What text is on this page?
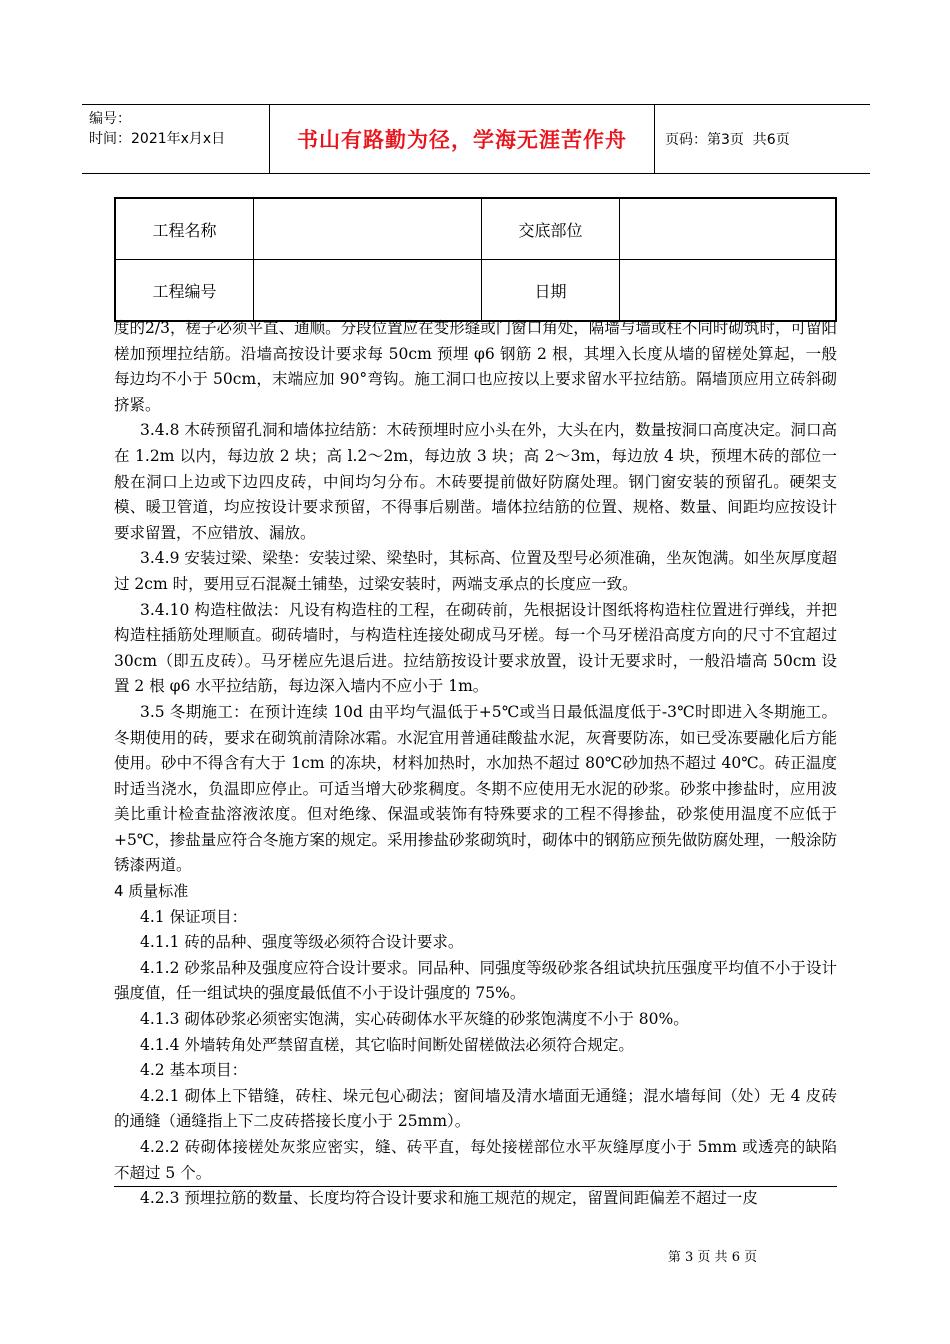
编号：
时间：2021年x月x日	书山有路勤为径，学海无涯苦作舟	页码：第3页  共6页
工程名称		交底部位	
工程编号		日期	

度的2/3，槎子必须平直、通顺。分段位置应在变形缝或门窗口角处，隔墙与墙或柱不同时砌筑时，可留阳槎加预埋拉结筋。沿墙高按设计要求每 50cm 预埋 φ6 钢筋 2 根，其埋入长度从墙的留槎处算起，一般每边均不小于 50cm，末端应加 90°弯钩。施工洞口也应按以上要求留水平拉结筋。隔墙顶应用立砖斜砌挤紧。

3.4.8 木砖预留孔洞和墙体拉结筋：木砖预埋时应小头在外，大头在内，数量按洞口高度决定。洞口高在 1.2m 以内，每边放 2 块；高 l.2～2m，每边放 3 块；高 2～3m，每边放 4 块，预埋木砖的部位一般在洞口上边或下边四皮砖，中间均匀分布。木砖要提前做好防腐处理。钢门窗安装的预留孔。硬架支模、暖卫管道，均应按设计要求预留，不得事后剔凿。墙体拉结筋的位置、规格、数量、间距均应按设计要求留置，不应错放、漏放。

3.4.9 安装过梁、梁垫：安装过梁、梁垫时，其标高、位置及型号必须准确，坐灰饱满。如坐灰厚度超过 2cm 时，要用豆石混凝土铺垫，过梁安装时，两端支承点的长度应一致。

3.4.10 构造柱做法：凡设有构造柱的工程，在砌砖前，先根据设计图纸将构造柱位置进行弹线，并把构造柱插筋处理顺直。砌砖墙时，与构造柱连接处砌成马牙槎。每一个马牙槎沿高度方向的尺寸不宜超过 30cm（即五皮砖）。马牙槎应先退后进。拉结筋按设计要求放置，设计无要求时，一般沿墙高 50cm 设置 2 根 φ6 水平拉结筋，每边深入墙内不应小于 1m。

3.5 冬期施工：在预计连续 10d 由平均气温低于+5℃或当日最低温度低于-3℃时即进入冬期施工。冬期使用的砖，要求在砌筑前清除冰霜。水泥宜用普通硅酸盐水泥，灰膏要防冻，如已受冻要融化后方能使用。砂中不得含有大于 1cm 的冻块，材料加热时，水加热不超过 80℃砂加热不超过 40℃。砖正温度时适当浇水，负温即应停止。可适当增大砂浆稠度。冬期不应使用无水泥的砂浆。砂浆中掺盐时，应用波美比重计检查盐溶液浓度。但对绝缘、保温或装饰有特殊要求的工程不得掺盐，砂浆使用温度不应低于+5℃，掺盐量应符合冬施方案的规定。采用掺盐砂浆砌筑时，砌体中的钢筋应预先做防腐处理，一般涂防锈漆两道。

4 质量标准

4.1 保证项目：

4.1.1 砖的品种、强度等级必须符合设计要求。

4.1.2 砂浆品种及强度应符合设计要求。同品种、同强度等级砂浆各组试块抗压强度平均值不小于设计强度值，任一组试块的强度最低值不小于设计强度的 75%。

4.1.3 砌体砂浆必须密实饱满，实心砖砌体水平灰缝的砂浆饱满度不小于 80%。

4.1.4 外墙转角处严禁留直槎，其它临时间断处留槎做法必须符合规定。

4.2 基本项目：

4.2.1 砌体上下错缝，砖柱、垛元包心砌法；窗间墙及清水墙面无通缝；混水墙每间（处）无 4 皮砖的通缝（通缝指上下二皮砖搭接长度小于 25mm）。

4.2.2 砖砌体接槎处灰浆应密实，缝、砖平直，每处接槎部位水平灰缝厚度小于 5mm 或透亮的缺陷不超过 5 个。

4.2.3 预埋拉筋的数量、长度均符合设计要求和施工规范的规定，留置间距偏差不超过一皮

第 3 页 共 6 页
